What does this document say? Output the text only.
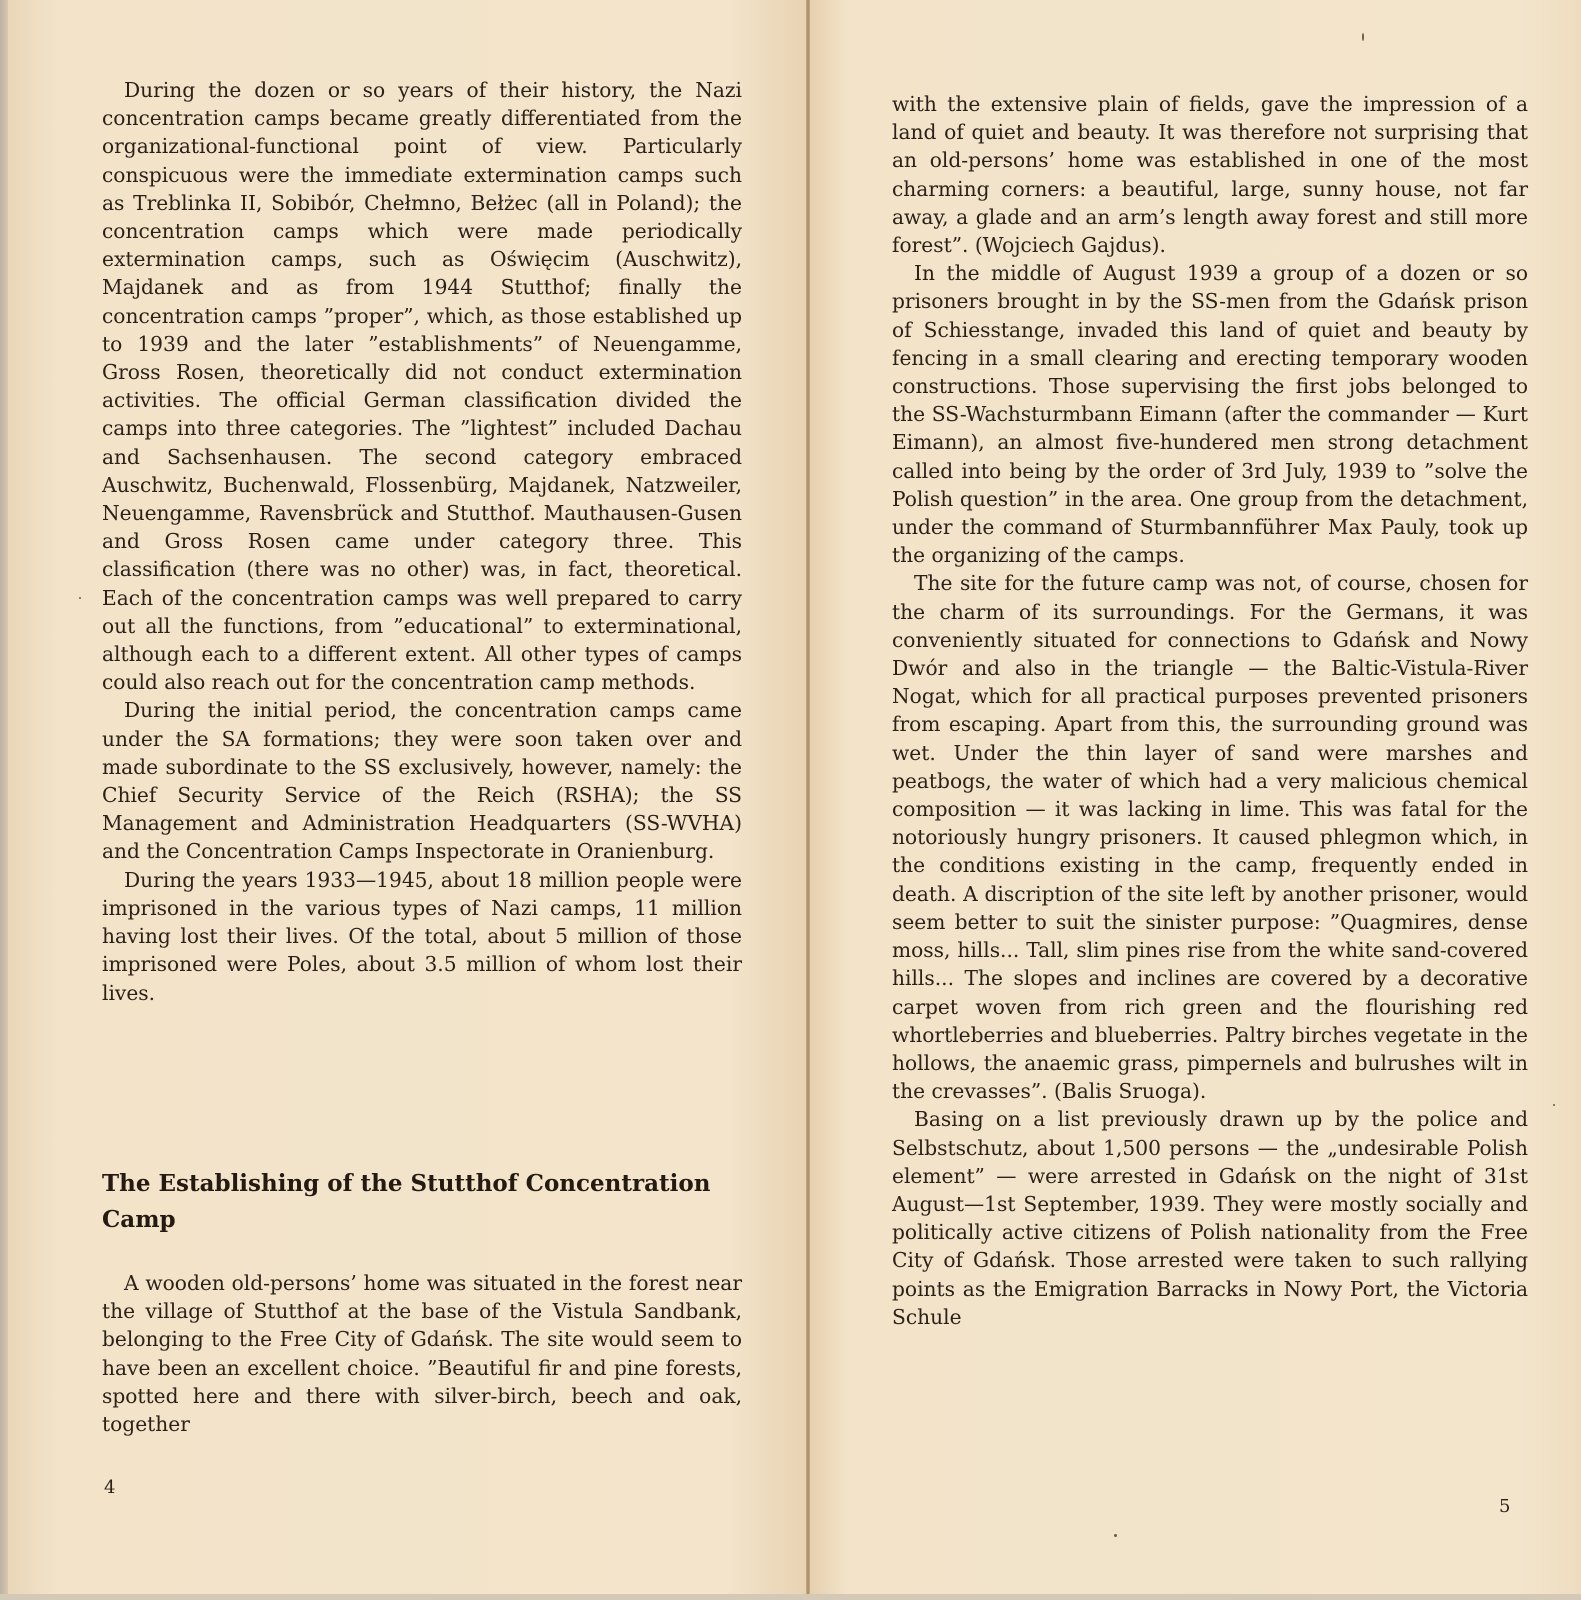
During the dozen or so years of their history, the Nazi concentration camps became greatly differentiated from the organizational-functional point of view. Particularly conspicuous were the immediate extermination camps such as Treblinka II, Sobibór, Chełmno, Bełżec (all in Poland); the concentration camps which were made periodically extermination camps, such as Oświęcim (Auschwitz), Majdanek and as from 1944 Stutthof; finally the concentration camps ”proper”, which, as those established up to 1939 and the later ”establishments” of Neuengamme, Gross Rosen, theoretically did not conduct extermination activities. The official German classification divided the camps into three categories. The ”lightest” included Dachau and Sachsenhausen. The second category embraced Auschwitz, Buchenwald, Flossenbürg, Majdanek, Natzweiler, Neuengamme, Ravensbrück and Stutthof. Mauthausen-Gusen and Gross Rosen came under category three. This classification (there was no other) was, in fact, theoretical. Each of the concentration camps was well prepared to carry out all the functions, from ”educational” to exterminational, although each to a different extent. All other types of camps could also reach out for the concentration camp methods.

During the initial period, the concentration camps came under the SA formations; they were soon taken over and made subordinate to the SS exclusively, however, namely: the Chief Security Service of the Reich (RSHA); the SS Management and Administration Headquarters (SS-WVHA) and the Concentration Camps Inspectorate in Oranienburg.

During the years 1933—1945, about 18 million people were imprisoned in the various types of Nazi camps, 11 million having lost their lives. Of the total, about 5 million of those imprisoned were Poles, about 3.5 million of whom lost their lives.

The Establishing of the Stutthof Concentration Camp

A wooden old-persons’ home was situated in the forest near the village of Stutthof at the base of the Vistula Sandbank, belonging to the Free City of Gdańsk. The site would seem to have been an excellent choice. ”Beautiful fir and pine forests, spotted here and there with silver-birch, beech and oak, together

4

with the extensive plain of fields, gave the impression of a land of quiet and beauty. It was therefore not surprising that an old-persons’ home was established in one of the most charming corners: a beautiful, large, sunny house, not far away, a glade and an arm’s length away forest and still more forest”. (Wojciech Gajdus).

In the middle of August 1939 a group of a dozen or so prisoners brought in by the SS-men from the Gdańsk prison of Schiesstange, invaded this land of quiet and beauty by fencing in a small clearing and erecting temporary wooden constructions. Those supervising the first jobs belonged to the SS-Wachsturmbann Eimann (after the commander — Kurt Eimann), an almost five-hundered men strong detachment called into being by the order of 3rd July, 1939 to ”solve the Polish question” in the area. One group from the detachment, under the command of Sturmbannführer Max Pauly, took up the organizing of the camps.

The site for the future camp was not, of course, chosen for the charm of its surroundings. For the Germans, it was conveniently situated for connections to Gdańsk and Nowy Dwór and also in the triangle — the Baltic-Vistula-River Nogat, which for all practical purposes prevented prisoners from escaping. Apart from this, the surrounding ground was wet. Under the thin layer of sand were marshes and peatbogs, the water of which had a very malicious chemical composition — it was lacking in lime. This was fatal for the notoriously hungry prisoners. It caused phlegmon which, in the conditions existing in the camp, frequently ended in death. A discription of the site left by another prisoner, would seem better to suit the sinister purpose: ”Quagmires, dense moss, hills... Tall, slim pines rise from the white sand-covered hills... The slopes and inclines are covered by a decorative carpet woven from rich green and the flourishing red whortleberries and blueberries. Paltry birches vegetate in the hollows, the anaemic grass, pimpernels and bulrushes wilt in the crevasses”. (Balis Sruoga).

Basing on a list previously drawn up by the police and Selbstschutz, about 1,500 persons — the „undesirable Polish element” — were arrested in Gdańsk on the night of 31st August—1st September, 1939. They were mostly socially and politically active citizens of Polish nationality from the Free City of Gdańsk. Those arrested were taken to such rallying points as the Emigration Barracks in Nowy Port, the Victoria Schule

5
